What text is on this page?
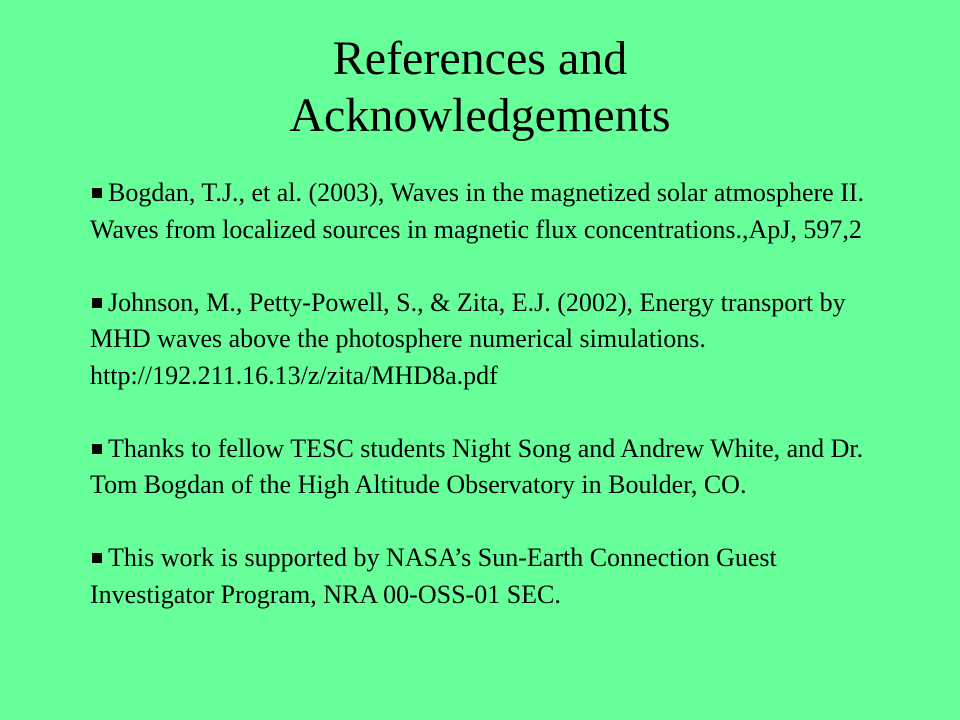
References and
Acknowledgements
Bogdan, T.J., et al. (2003), Waves in the magnetized solar atmosphere II. Waves from localized sources in magnetic flux concentrations.,ApJ, 597,2
Johnson, M., Petty-Powell, S., & Zita, E.J. (2002), Energy transport by MHD waves above the photosphere numerical simulations. http://192.211.16.13/z/zita/MHD8a.pdf
Thanks to fellow TESC students Night Song and Andrew White, and Dr. Tom Bogdan of the High Altitude Observatory in Boulder, CO.
This work is supported by NASA’s Sun-Earth Connection Guest Investigator Program, NRA 00-OSS-01 SEC.
